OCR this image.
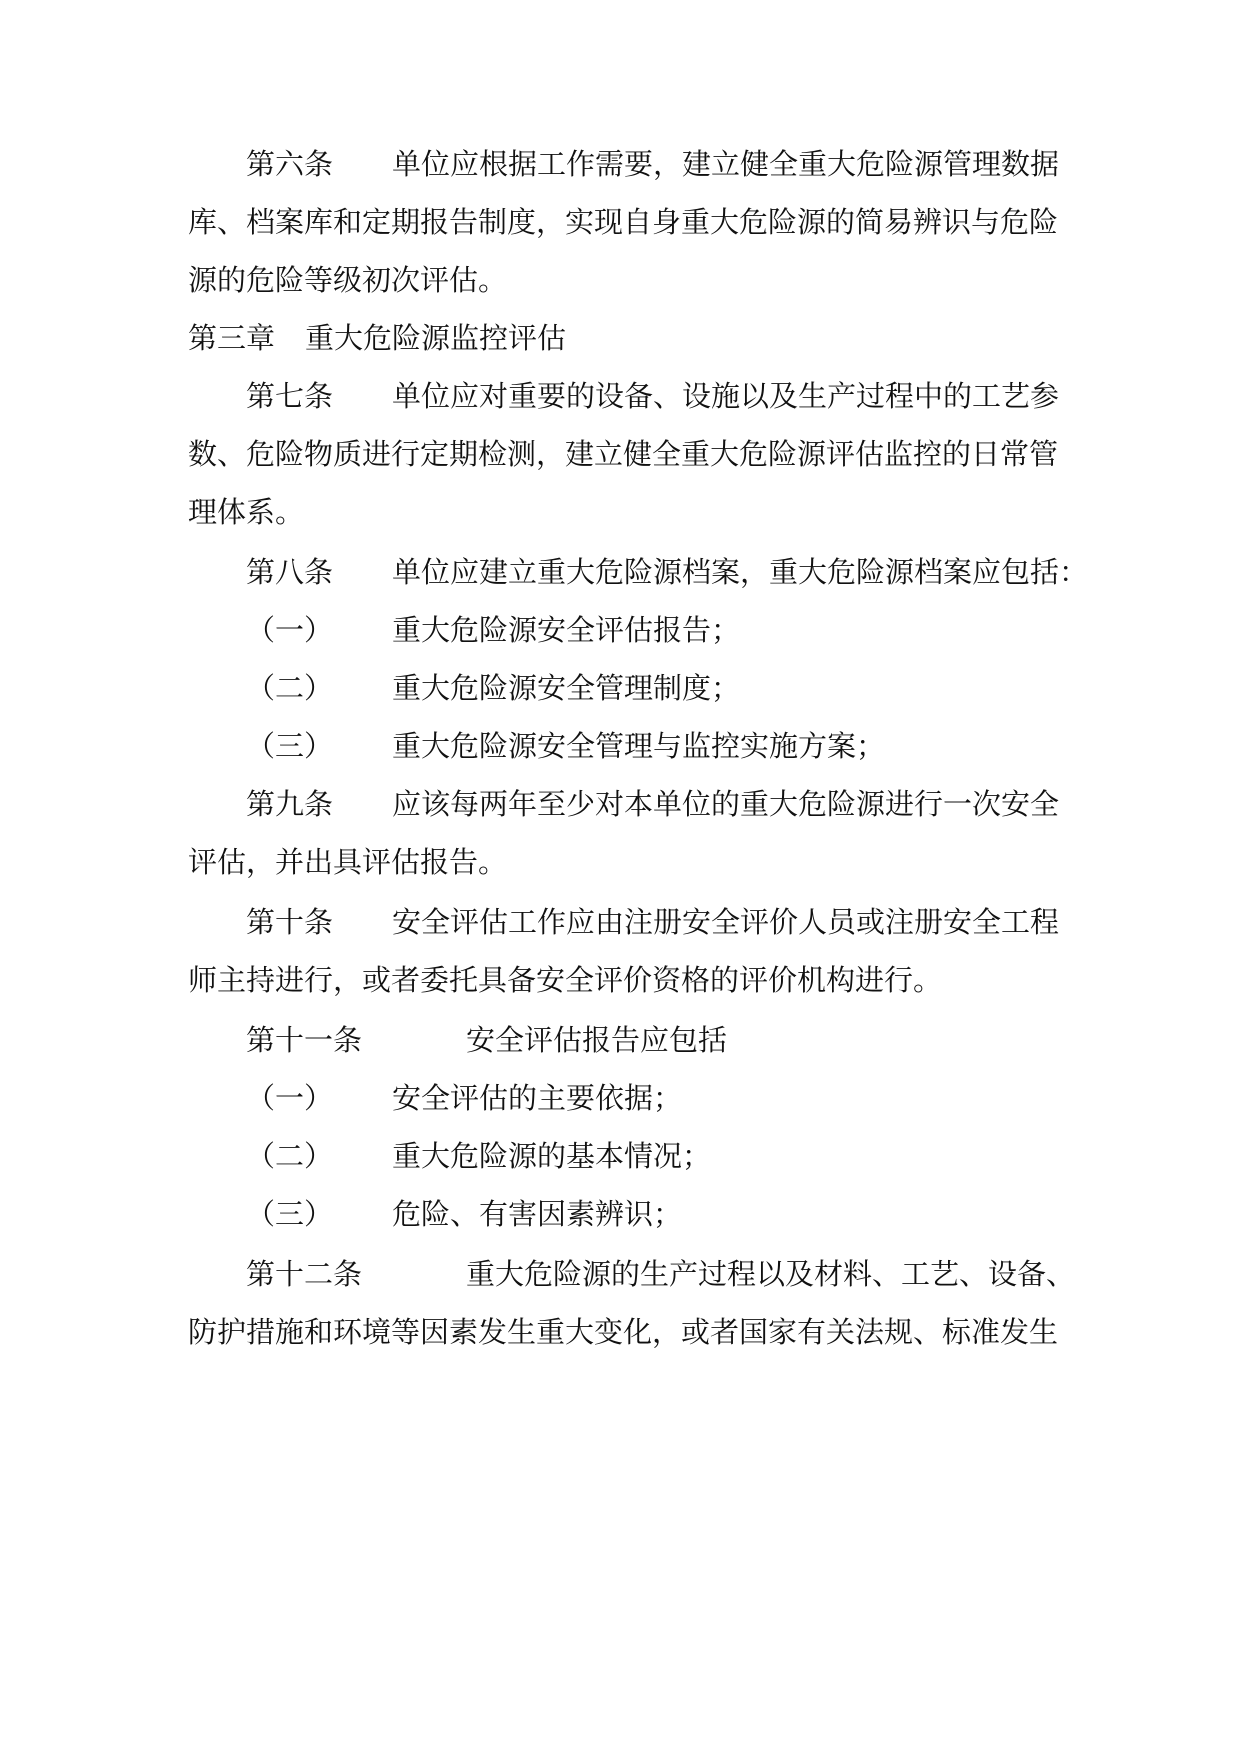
第六条 单位应根据工作需要，建立健全重大危险源管理数据
库、档案库和定期报告制度，实现自身重大危险源的简易辨识与危险
源的危险等级初次评估。
第三章 重大危险源监控评估
第七条 单位应对重要的设备、设施以及生产过程中的工艺参
数、危险物质进行定期检测，建立健全重大危险源评估监控的日常管
理体系。
第八条 单位应建立重大危险源档案，重大危险源档案应包括：
（一） 重大危险源安全评估报告；
（二） 重大危险源安全管理制度；
（三） 重大危险源安全管理与监控实施方案；
第九条 应该每两年至少对本单位的重大危险源进行一次安全
评估，并出具评估报告。
第十条 安全评估工作应由注册安全评价人员或注册安全工程
师主持进行，或者委托具备安全评价资格的评价机构进行。
第十一条	安全评估报告应包括
（一） 安全评估的主要依据；
（二） 重大危险源的基本情况；
（三） 危险、有害因素辨识；
第十二条	重大危险源的生产过程以及材料、工艺、设备、
防护措施和环境等因素发生重大变化，或者国家有关法规、标准发生
